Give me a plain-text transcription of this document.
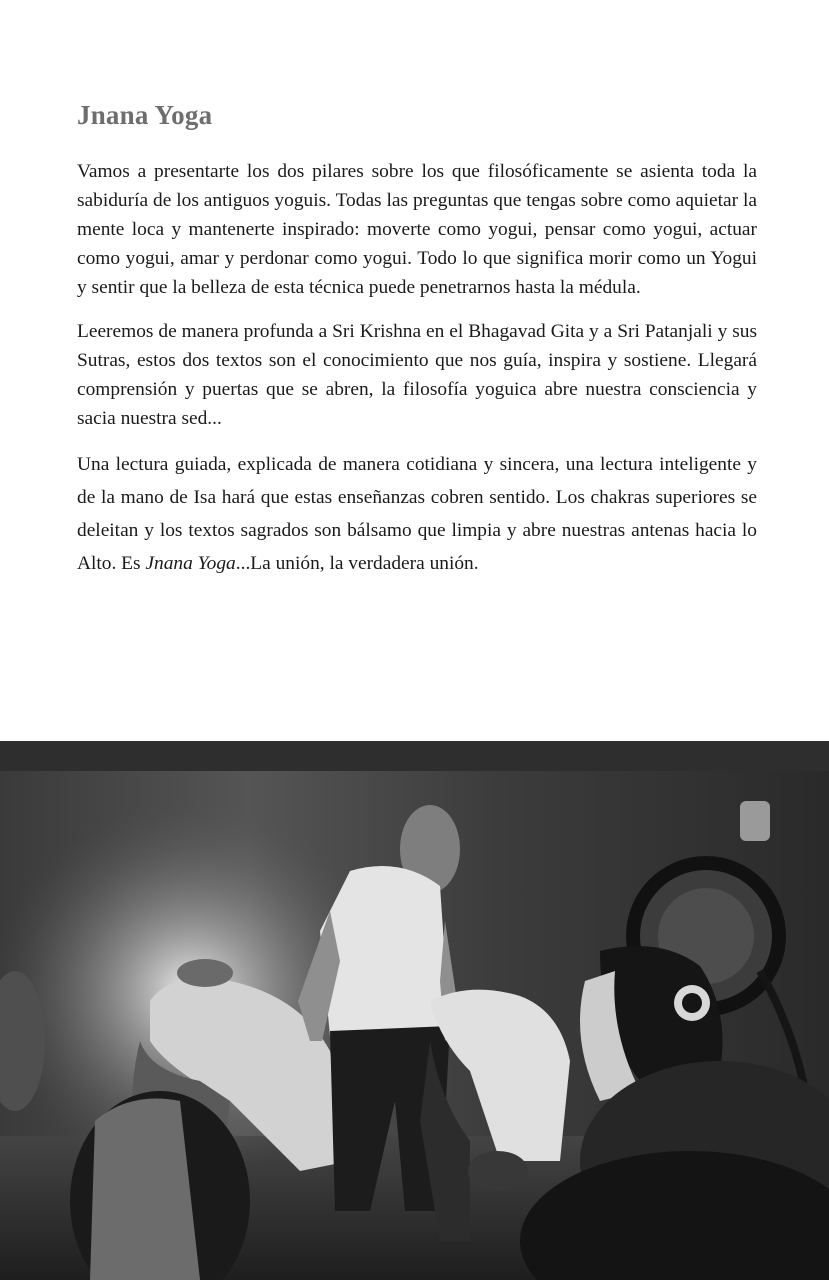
Jnana Yoga

Vamos a presentarte los dos pilares sobre los que filosóficamente se asienta toda la sabiduría de los antiguos yoguis. Todas las preguntas que tengas sobre como aquietar la mente loca y mantenerte inspirado: moverte como yogui, pensar como yogui, actuar como yogui, amar y perdonar como yogui. Todo lo que significa morir como un Yogui y sentir que la belleza de esta técnica puede penetrarnos hasta la médula.

Leeremos de manera profunda a Sri Krishna en el Bhagavad Gita y a Sri Patanjali y sus Sutras, estos dos textos son el conocimiento que nos guía, inspira y sostiene. Llegará comprensión y puertas que se abren, la filosofía yoguica abre nuestra consciencia y sacia nuestra sed...

Una lectura guiada, explicada de manera cotidiana y sincera, una lectura inteligente y de la mano de Isa hará que estas enseñanzas cobren sentido. Los chakras superiores se deleitan y los textos sagrados son bálsamo que limpia y abre nuestras antenas hacia lo Alto. Es Jnana Yoga...La unión, la verdadera unión.
